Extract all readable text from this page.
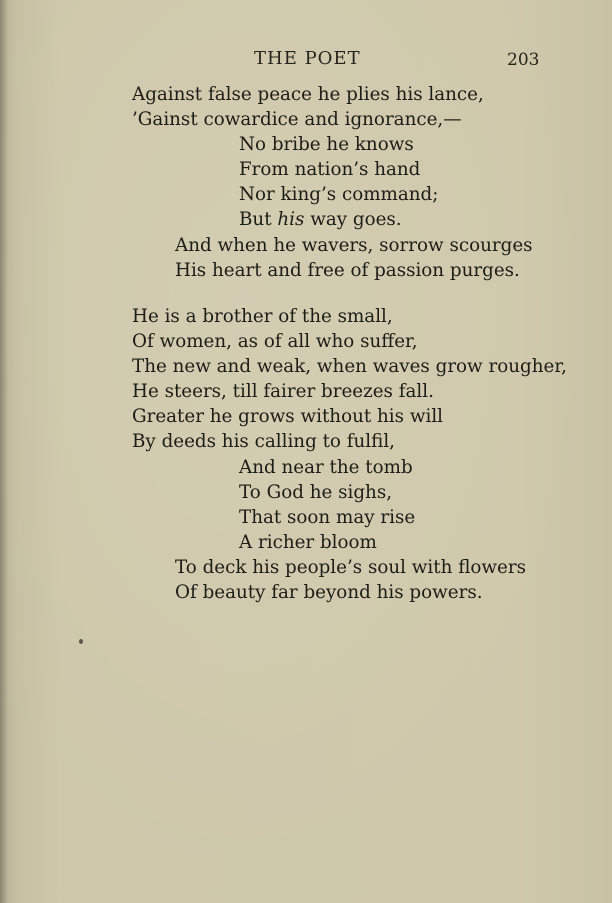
THE POET	203
Against false peace he plies his lance,
’Gainst cowardice and ignorance,—
No bribe he knows
From nation’s hand
Nor king’s command;
But his way goes.
And when he wavers, sorrow scourges
His heart and free of passion purges.
He is a brother of the small,
Of women, as of all who suffer,
The new and weak, when waves grow rougher,
He steers, till fairer breezes fall.
Greater he grows without his will
By deeds his calling to fulfil,
And near the tomb
To God he sighs,
That soon may rise
A richer bloom
To deck his people’s soul with flowers
Of beauty far beyond his powers.
